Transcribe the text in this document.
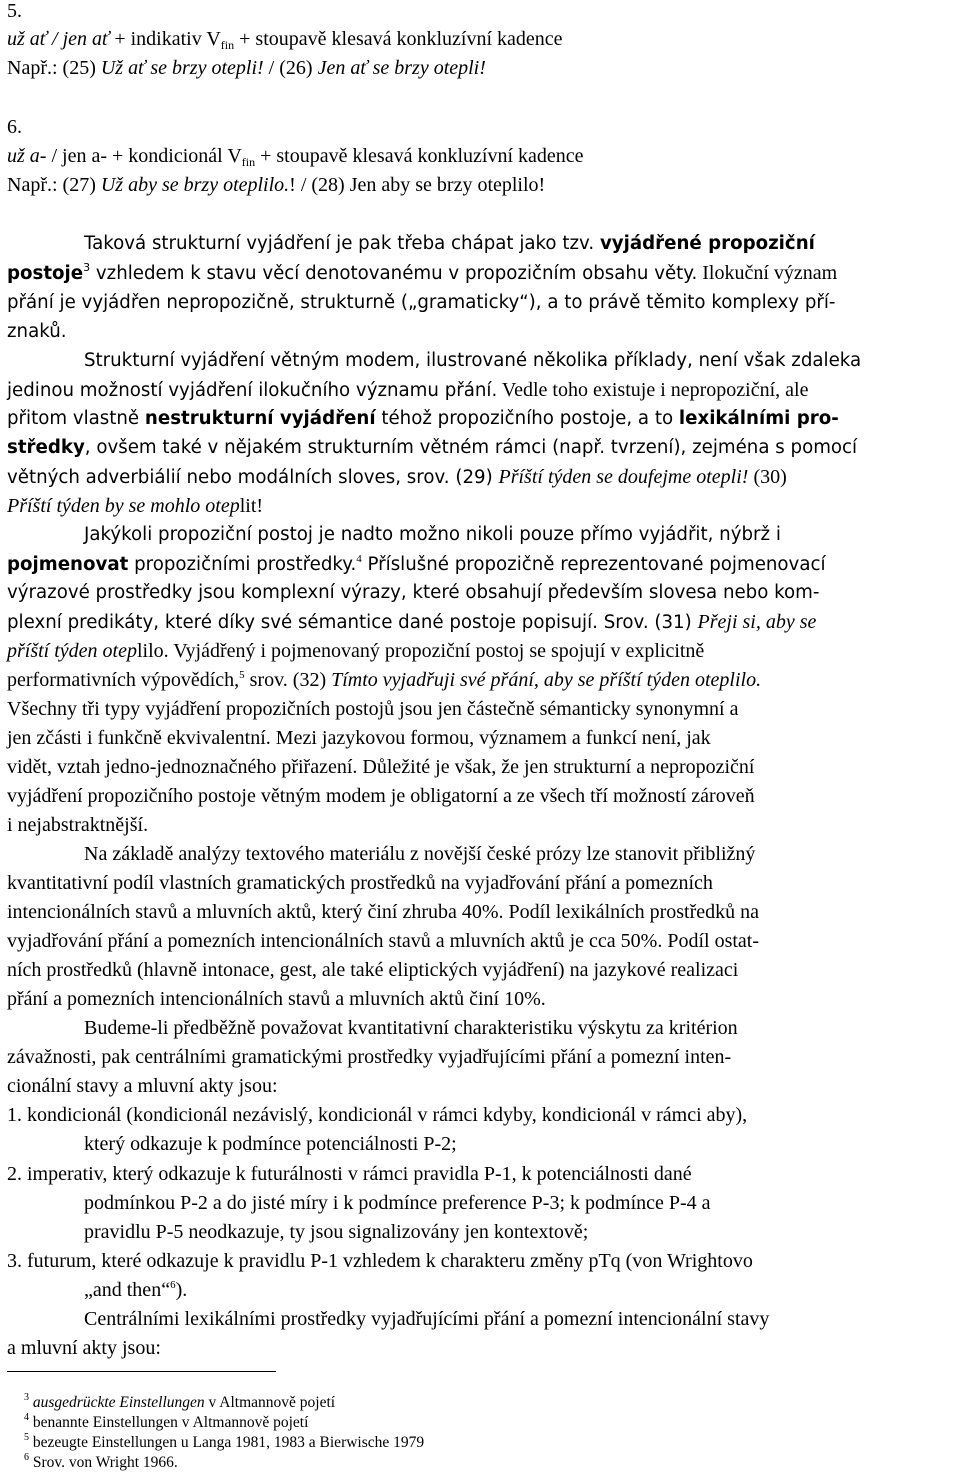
5.
už ať / jen ať + indikativ $V_{fin}$ + stoupavě klesavá konkluzívní kadence
Např.: (25) Už ať se brzy otepli! / (26) Jen ať se brzy otepli!
6.
už a- / jen a- + kondicionál $V_{fin}$ + stoupavě klesavá konkluzívní kadence
Např.: (27) Už aby se brzy oteplilo.! / (28) Jen aby se brzy oteplilo!
Taková strukturní vyjádření je pak třeba chápat jako tzv. vyjádřené propoziční
postoje$^3$ vzhledem k stavu věcí denotovanému v propozičním obsahu věty. Ilokuční význam
přání je vyjádřen nepropozičně, strukturně („gramaticky“), a to právě těmito komplexy pří-
znaků.
Strukturní vyjádření větným modem, ilustrované několika příklady, není však zdaleka
jedinou možností vyjádření ilokučního významu přání. Vedle toho existuje i nepropoziční, ale
přitom vlastně nestrukturní vyjádření téhož propozičního postoje, a to lexikálními pro-
středky, ovšem také v nějakém strukturním větném rámci (např. tvrzení), zejména s pomocí
větných adverbiálií nebo modálních sloves, srov. (29) Příští týden se doufejme otepli! (30)
Příští týden by se mohlo oteplit!
Jakýkoli propoziční postoj je nadto možno nikoli pouze přímo vyjádřit, nýbrž i
pojmenovat propozičními prostředky.$^4$ Příslušné propozičně reprezentované pojmenovací
výrazové prostředky jsou komplexní výrazy, které obsahují především slovesa nebo kom-
plexní predikáty, které díky své sémantice dané postoje popisují. Srov. (31) Přeji si, aby se
příští týden oteplilo. Vyjádřený i pojmenovaný propoziční postoj se spojují v explicitně
performativních výpovědích,$^5$ srov. (32) Tímto vyjadřuji své přání, aby se příští týden oteplilo.
Všechny tři typy vyjádření propozičních postojů jsou jen částečně sémanticky synonymní a
jen zčásti i funkčně ekvivalentní. Mezi jazykovou formou, významem a funkcí není, jak
vidět, vztah jedno-jednoznačného přiřazení. Důležité je však, že jen strukturní a nepropoziční
vyjádření propozičního postoje větným modem je obligatorní a ze všech tří možností zároveň
i nejabstraktnější.
Na základě analýzy textového materiálu z novější české prózy lze stanovit přibližný
kvantitativní podíl vlastních gramatických prostředků na vyjadřování přání a pomezních
intencionálních stavů a mluvních aktů, který činí zhruba 40%. Podíl lexikálních prostředků na
vyjadřování přání a pomezních intencionálních stavů a mluvních aktů je cca 50%. Podíl ostat-
ních prostředků (hlavně intonace, gest, ale také eliptických vyjádření) na jazykové realizaci
přání a pomezních intencionálních stavů a mluvních aktů činí 10%.
Budeme-li předběžně považovat kvantitativní charakteristiku výskytu za kritérion
závažnosti, pak centrálními gramatickými prostředky vyjadřujícími přání a pomezní inten-
cionální stavy a mluvní akty jsou:
1. kondicionál (kondicionál nezávislý, kondicionál v rámci kdyby, kondicionál v rámci aby),
který odkazuje k podmínce potenciálnosti P-2;
2. imperativ, který odkazuje k futurálnosti v rámci pravidla P-1, k potenciálnosti dané
podmínkou P-2 a do jisté míry i k podmínce preference P-3; k podmínce P-4 a
pravidlu P-5 neodkazuje, ty jsou signalizovány jen kontextově;
3. futurum, které odkazuje k pravidlu P-1 vzhledem k charakteru změny pTq (von Wrightovo
„and then“$^6$).
Centrálními lexikálními prostředky vyjadřujícími přání a pomezní intencionální stavy
a mluvní akty jsou:
$^3$ ausgedrückte Einstellungen v Altmannově pojetí
$^4$ benannte Einstellungen v Altmannově pojetí
$^5$ bezeugte Einstellungen u Langa 1981, 1983 a Bierwische 1979
$^6$ Srov. von Wright 1966.
